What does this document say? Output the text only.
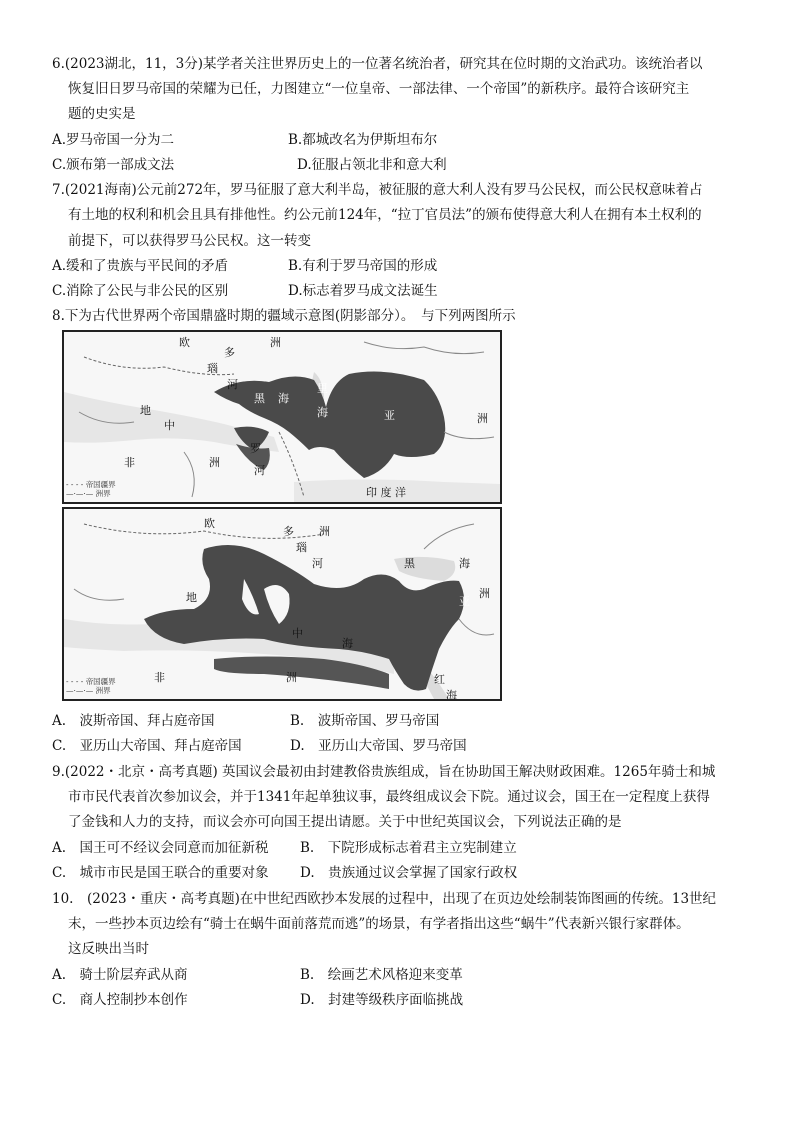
6.(2023湖北，11，3分)某学者关注世界历史上的一位著名统治者，研究其在位时期的文治武功。该统治者以
恢复旧日罗马帝国的荣耀为已任，力图建立“一位皇帝、一部法律、一个帝国”的新秩序。最符合该研究主
题的史实是
A.罗马帝国一分为二	B.都城改名为伊斯坦布尔
C.颁布第一部成文法	D.征服占领北非和意大利
7.(2021海南)公元前272年，罗马征服了意大利半岛，被征服的意大利人没有罗马公民权，而公民权意味着占
有土地的权利和机会且具有排他性。约公元前124年，“拉丁官员法”的颁布使得意大利人在拥有本土权利的
前提下，可以获得罗马公民权。这一转变
A.缓和了贵族与平民间的矛盾	B.有利于罗马帝国的形成
C.消除了公民与非公民的区别	D.标志着罗马成文法诞生
8.下为古代世界两个帝国鼎盛时期的疆域示意图(阴影部分）。　与下列两图所示
欧
多
洲
瑙
河
黑 海
里
海
地
中
亚	洲
非	洲
罗
河
印 度 洋
- - - - 帝国疆界
—·—·— 洲界
欧
多 洲
瑙
河	黑	海
亚
洲
地
中
海
非	洲	红
海
- - - - 帝国疆界
—·—·— 洲界
A.　波斯帝国、拜占庭帝国	B.　波斯帝国、罗马帝国
C.　亚历山大帝国、拜占庭帝国	D.　亚历山大帝国、罗马帝国
9.(2022・北京・高考真题) 英国议会最初由封建教俗贵族组成，旨在协助国王解决财政困难。1265年骑士和城
市市民代表首次参加议会，并于1341年起单独议事，最终组成议会下院。通过议会，国王在一定程度上获得
了金钱和人力的支持，而议会亦可向国王提出请愿。关于中世纪英国议会，下列说法正确的是
A.　国王可不经议会同意而加征新税 B.　下院形成标志着君主立宪制建立
C.　城市市民是国王联合的重要对象 D.　贵族通过议会掌握了国家行政权
10.　(2023・重庆・高考真题)在中世纪西欧抄本发展的过程中，出现了在页边处绘制装饰图画的传统。13世纪
末，一些抄本页边绘有“骑士在蜗牛面前落荒而逃”的场景，有学者指出这些“蜗牛”代表新兴银行家群体。
这反映出当时
A.　骑士阶层弃武从商	B.　绘画艺术风格迎来变革
C.　商人控制抄本创作	D.　封建等级秩序面临挑战
